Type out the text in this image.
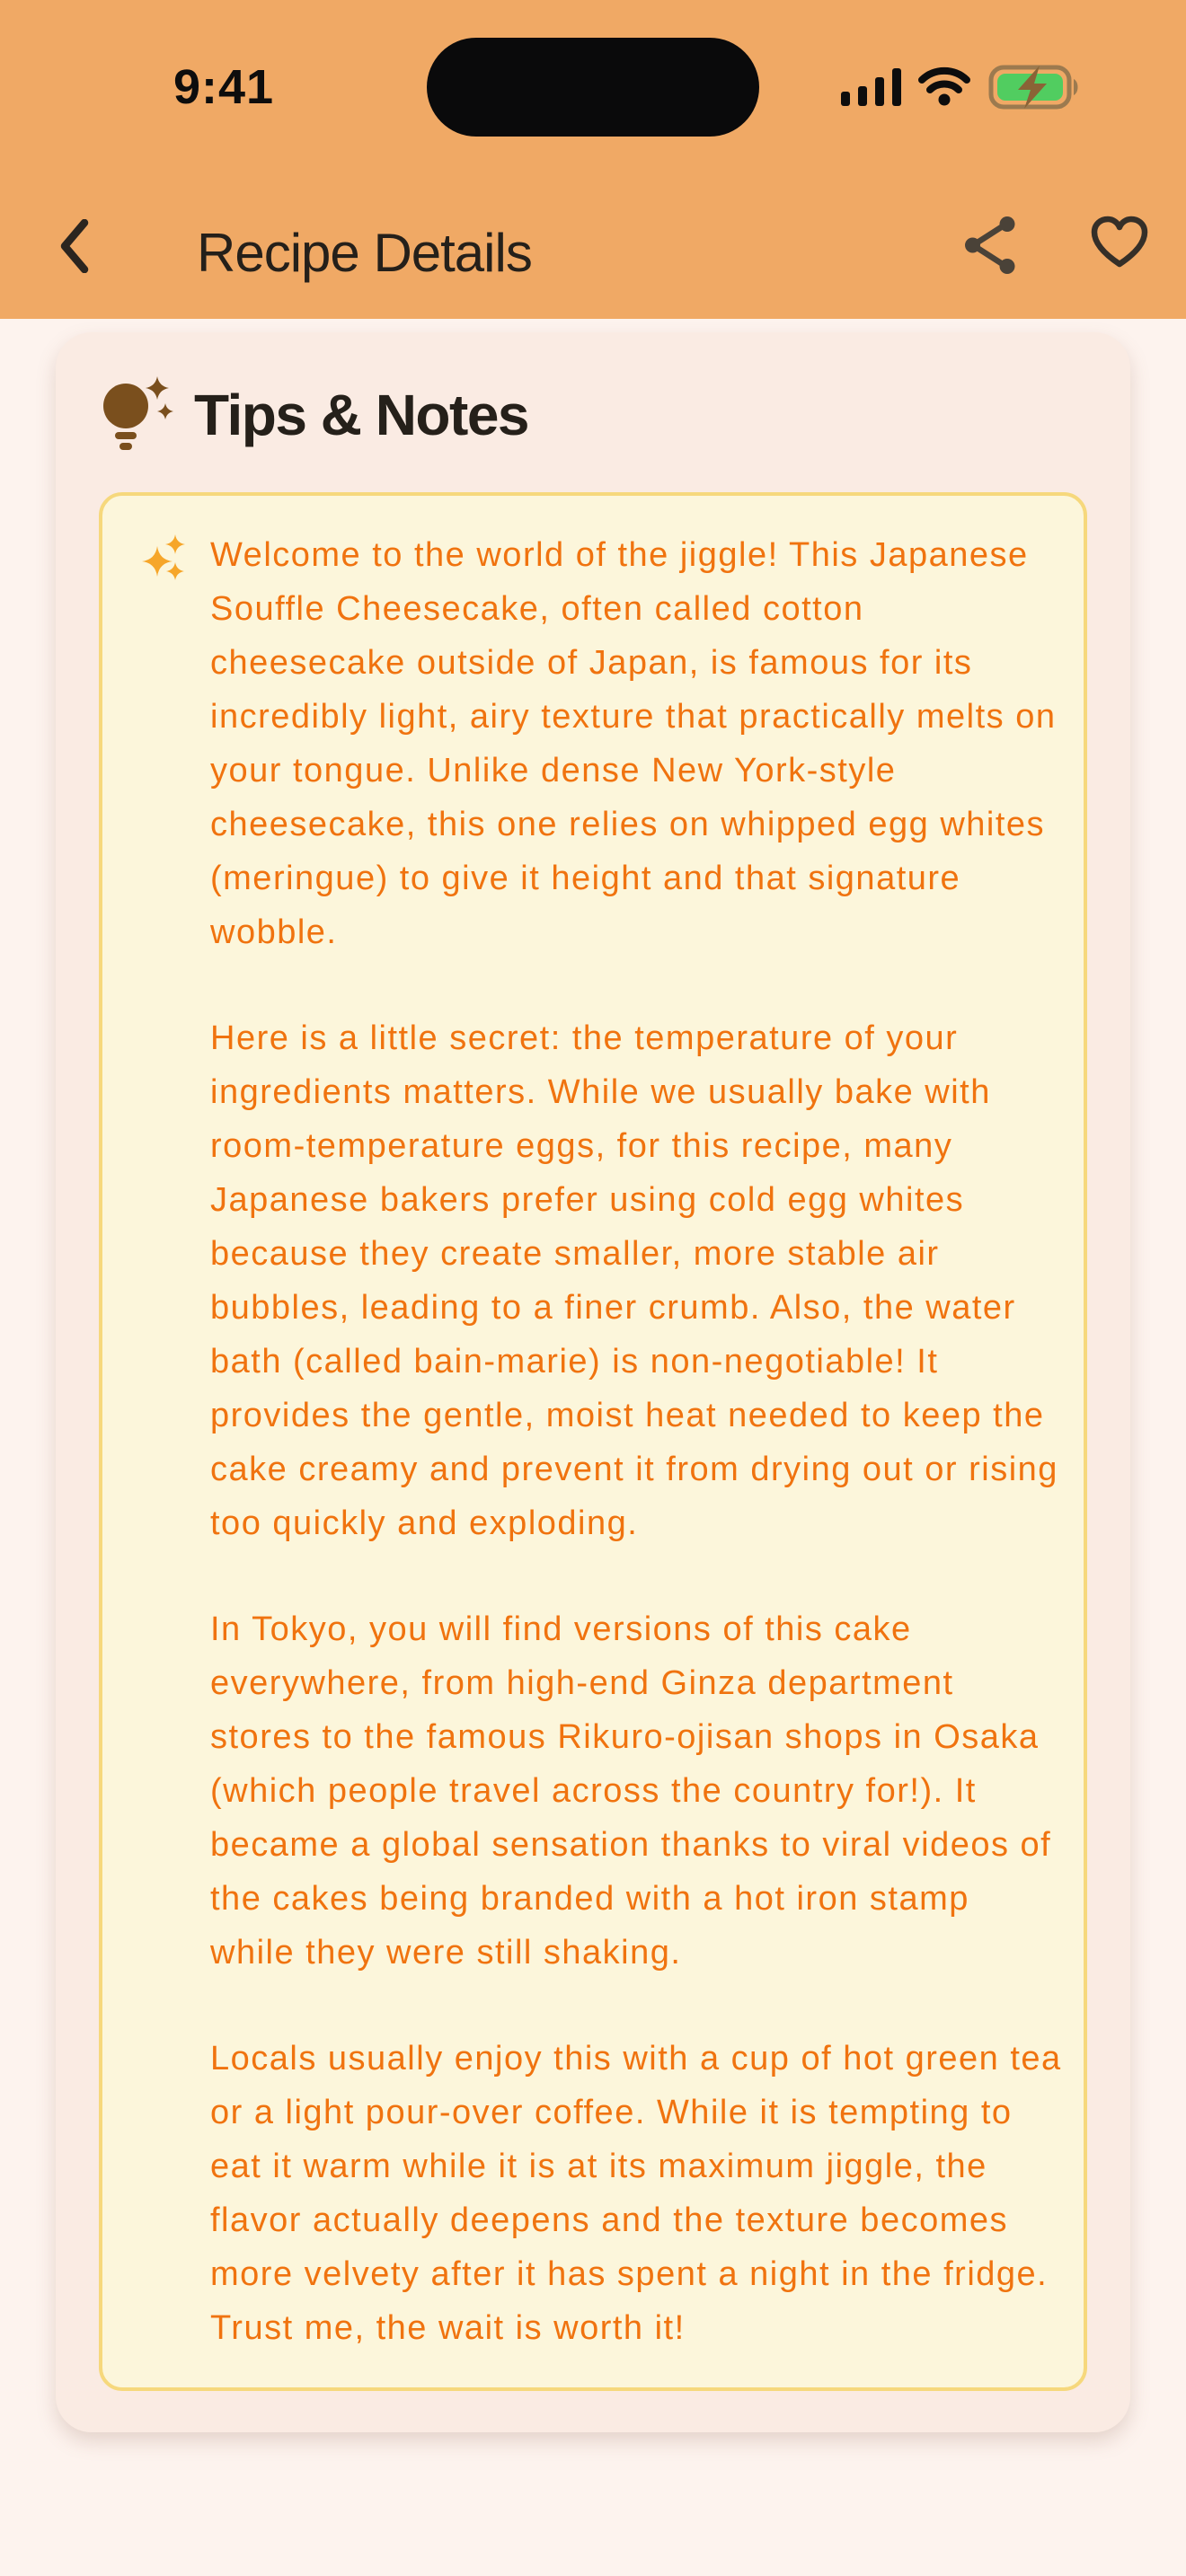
9:41
Recipe Details
Tips & Notes

Welcome to the world of the jiggle! This Japanese Souffle Cheesecake, often called cotton cheesecake outside of Japan, is famous for its incredibly light, airy texture that practically melts on your tongue. Unlike dense New York-style cheesecake, this one relies on whipped egg whites (meringue) to give it height and that signature wobble.

Here is a little secret: the temperature of your ingredients matters. While we usually bake with room-temperature eggs, for this recipe, many Japanese bakers prefer using cold egg whites because they create smaller, more stable air bubbles, leading to a finer crumb. Also, the water bath (called bain-marie) is non-negotiable! It provides the gentle, moist heat needed to keep the cake creamy and prevent it from drying out or rising too quickly and exploding.

In Tokyo, you will find versions of this cake everywhere, from high-end Ginza department stores to the famous Rikuro-ojisan shops in Osaka (which people travel across the country for!). It became a global sensation thanks to viral videos of the cakes being branded with a hot iron stamp while they were still shaking.

Locals usually enjoy this with a cup of hot green tea or a light pour-over coffee. While it is tempting to eat it warm while it is at its maximum jiggle, the flavor actually deepens and the texture becomes more velvety after it has spent a night in the fridge. Trust me, the wait is worth it!
